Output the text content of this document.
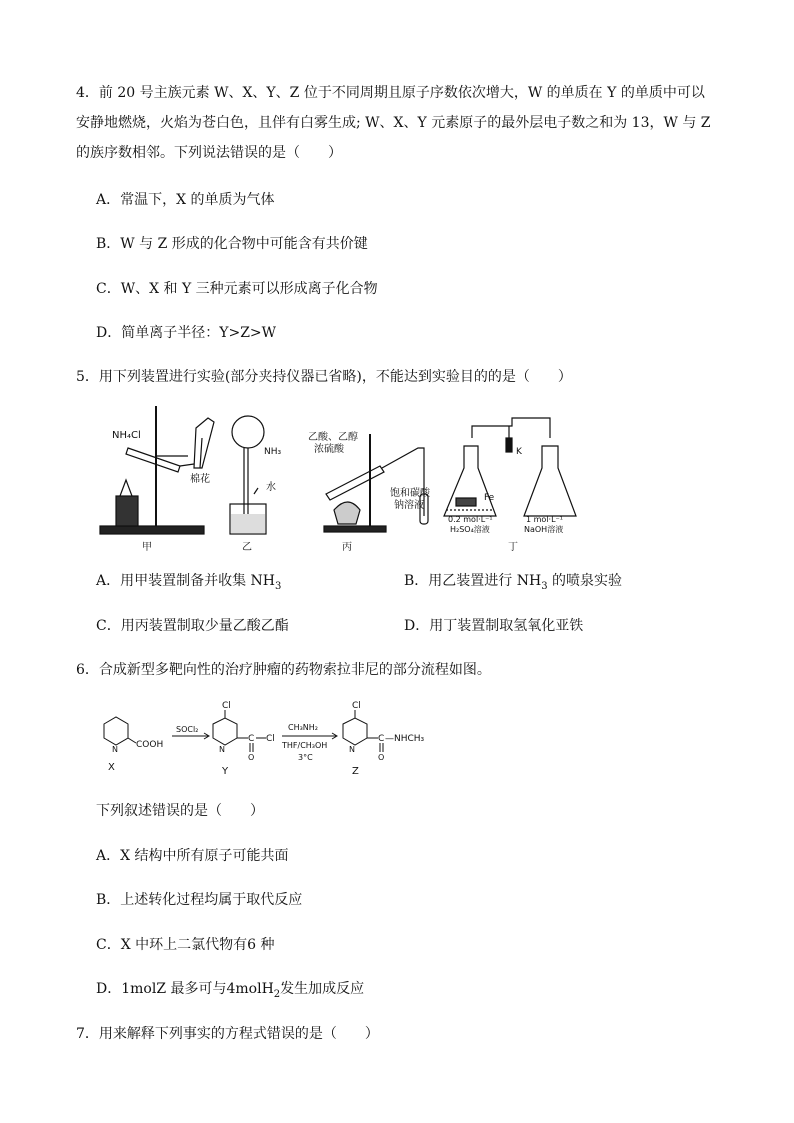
4．前 20 号主族元素 W、X、Y、Z 位于不同周期且原子序数依次增大，W 的单质在 Y 的单质中可以
安静地燃烧，火焰为苍白色，且伴有白雾生成; W、X、Y 元素原子的最外层电子数之和为 13，W 与 Z
的族序数相邻。下列说法错误的是（　　）
A．常温下，X 的单质为气体
B．W 与 Z 形成的化合物中可能含有共价键
C．W、X 和 Y 三种元素可以形成离子化合物
D．简单离子半径：Y>Z>W
5．用下列装置进行实验(部分夹持仪器已省略)，不能达到实验目的的是（　　）
NH₄Cl
棉花
甲
NH₃
水
乙
乙酸、乙醇
浓硫酸
饱和碳酸
钠溶液
丙
K
Fe
0.2 mol·L⁻¹
H₂SO₄溶液
1 mol·L⁻¹
NaOH溶液
丁
A．用甲装置制备并收集 $NH_3$	B．用乙装置进行 $NH_3$ 的喷泉实验
C．用丙装置制取少量乙酸乙酯	D．用丁装置制取氢氧化亚铁
6．合成新型多靶向性的治疗肿瘤的药物索拉非尼的部分流程如图。
N COOH
X
SOCl₂
Cl
N
C Cl
O
Y
CH₃NH₂
THF/CH₃OH
3°C
Cl
N
C —NHCH₃
O
Z
下列叙述错误的是（　　）
A．X 结构中所有原子可能共面
B．上述转化过程均属于取代反应
C．X 中环上二氯代物有6 种
D．1molZ 最多可与4molH$_2$发生加成反应
7．用来解释下列事实的方程式错误的是（　　）
